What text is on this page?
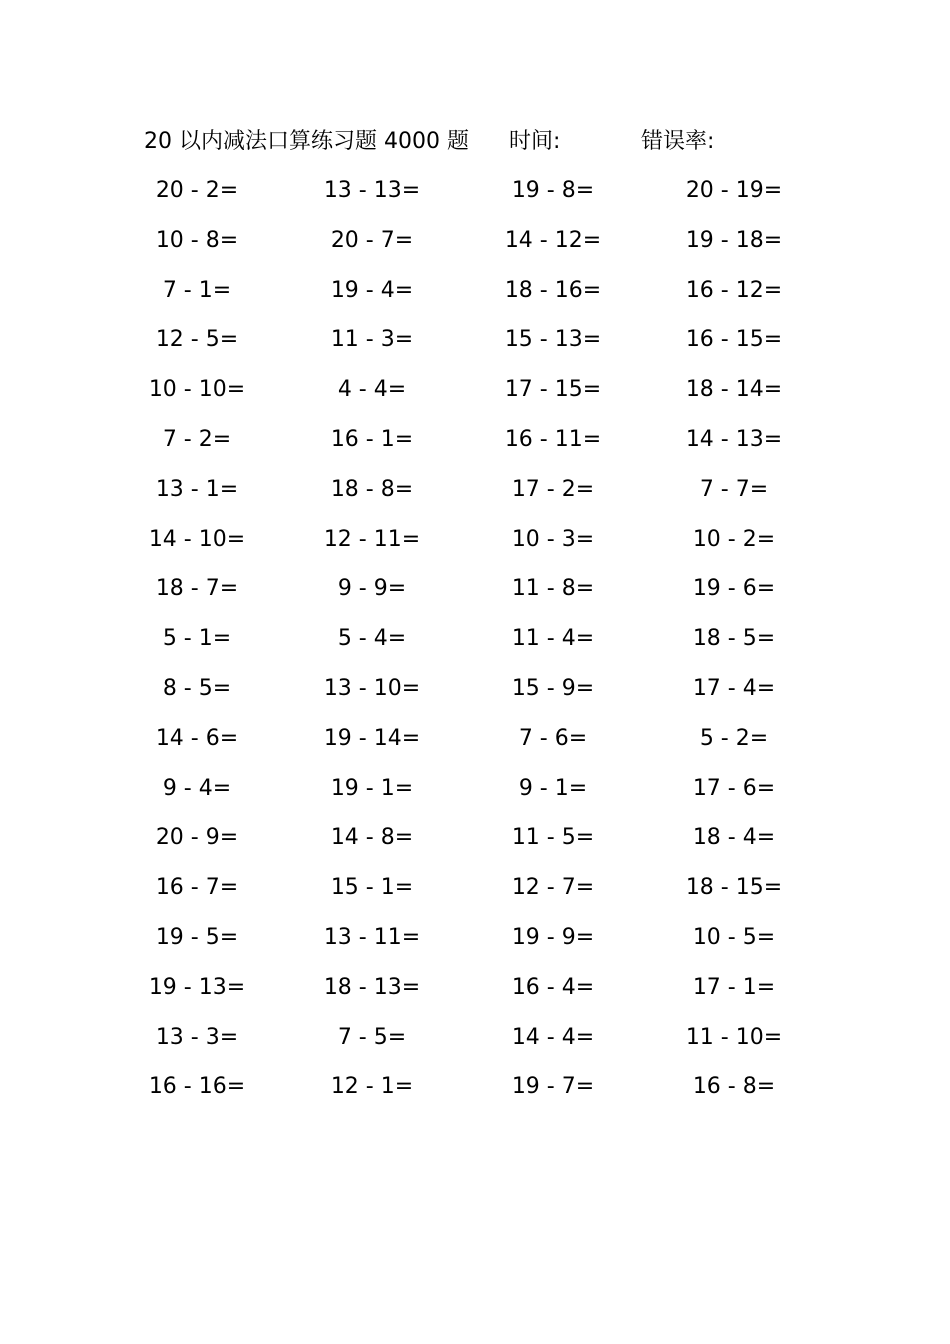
20 以内减法口算练习题 4000 题 时间:	错误率:
20 - 2=	13 - 13=	19 - 8=	20 - 19=
10 - 8=	20 - 7=	14 - 12=	19 - 18=
7 - 1=	19 - 4=	18 - 16=	16 - 12=
12 - 5=	11 - 3=	15 - 13=	16 - 15=
10 - 10=	4 - 4=	17 - 15=	18 - 14=
7 - 2=	16 - 1=	16 - 11=	14 - 13=
13 - 1=	18 - 8=	17 - 2=	7 - 7=
14 - 10=	12 - 11=	10 - 3=	10 - 2=
18 - 7=	9 - 9=	11 - 8=	19 - 6=
5 - 1=	5 - 4=	11 - 4=	18 - 5=
8 - 5=	13 - 10=	15 - 9=	17 - 4=
14 - 6=	19 - 14=	7 - 6=	5 - 2=
9 - 4=	19 - 1=	9 - 1=	17 - 6=
20 - 9=	14 - 8=	11 - 5=	18 - 4=
16 - 7=	15 - 1=	12 - 7=	18 - 15=
19 - 5=	13 - 11=	19 - 9=	10 - 5=
19 - 13=	18 - 13=	16 - 4=	17 - 1=
13 - 3=	7 - 5=	14 - 4=	11 - 10=
16 - 16=	12 - 1=	19 - 7=	16 - 8=
